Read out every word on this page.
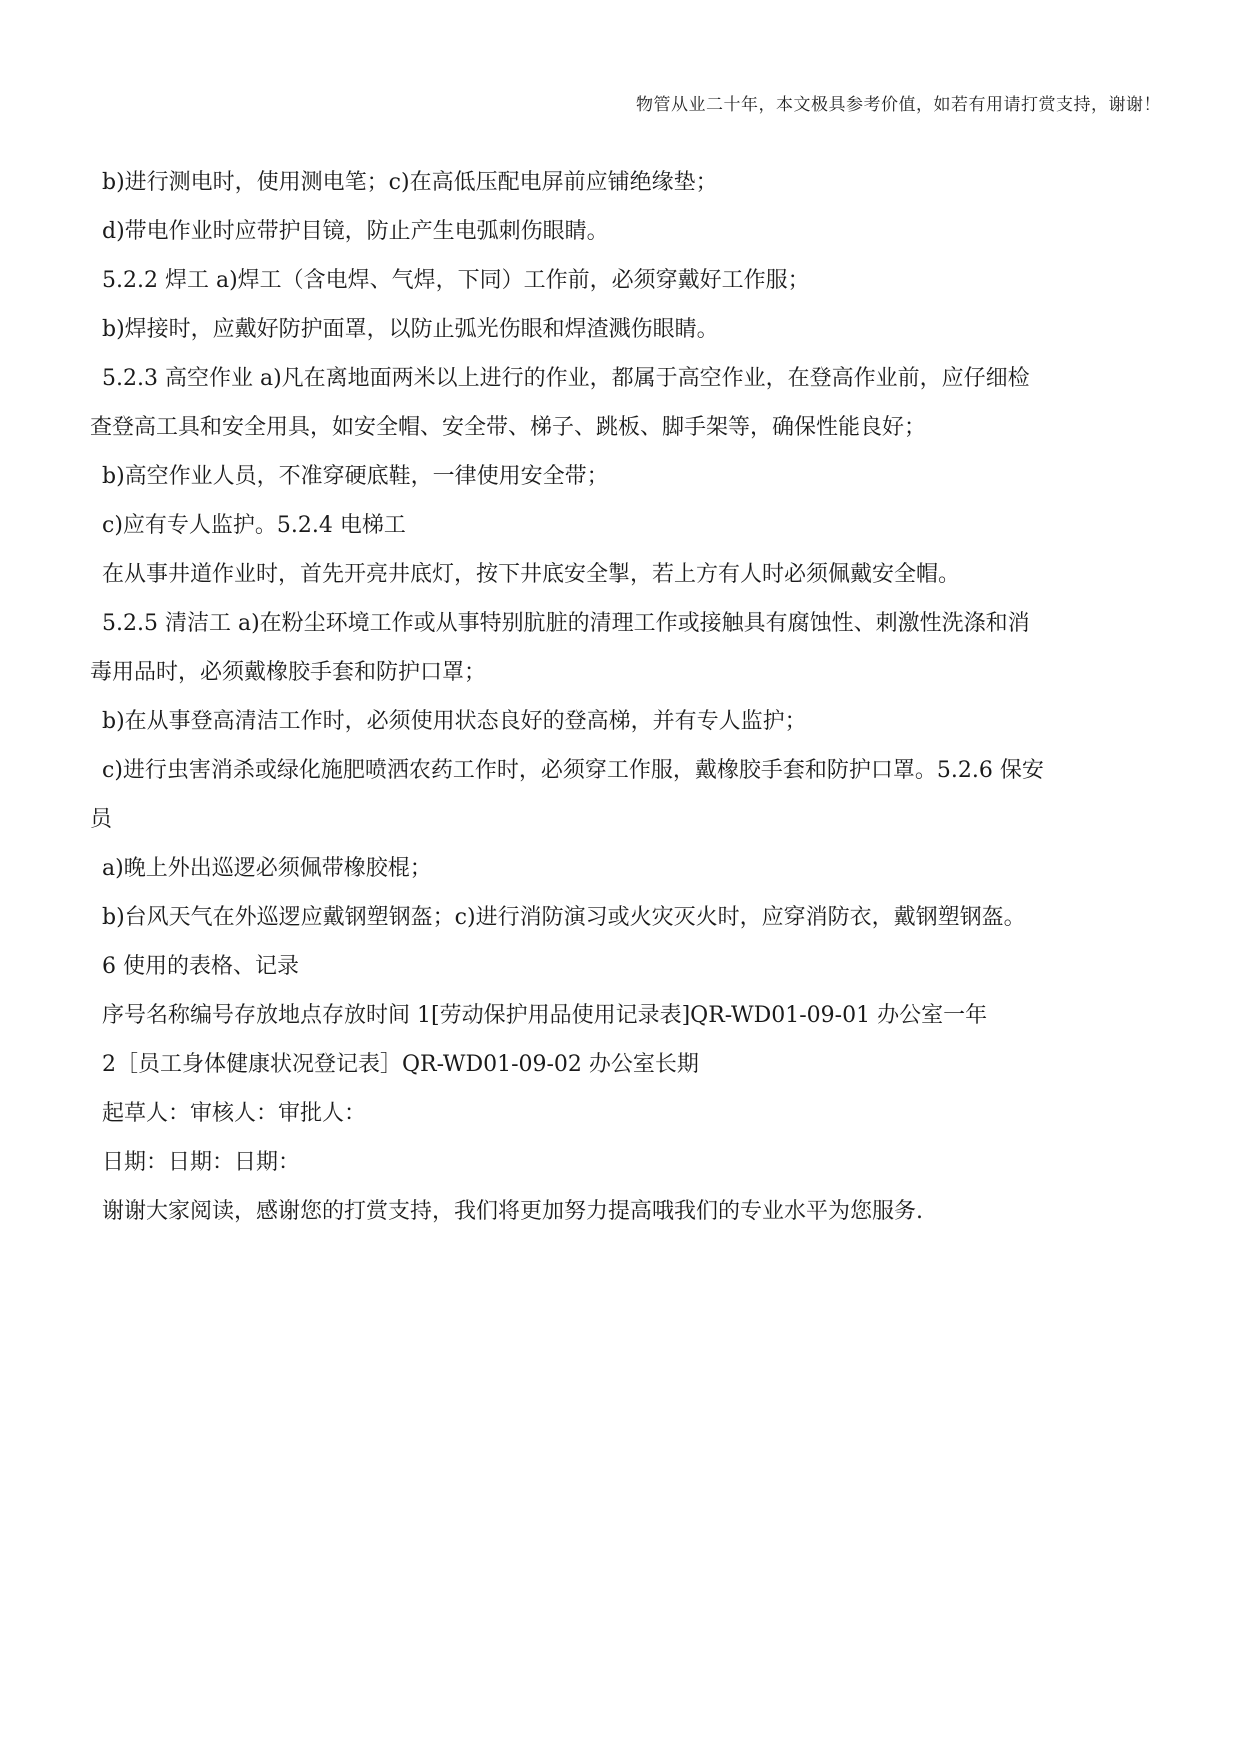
物管从业二十年，本文极具参考价值，如若有用请打赏支持，谢谢！
b)进行测电时，使用测电笔；c)在高低压配电屏前应铺绝缘垫；
d)带电作业时应带护目镜，防止产生电弧刺伤眼睛。
5.2.2 焊工 a)焊工（含电焊、气焊，下同）工作前，必须穿戴好工作服；
b)焊接时，应戴好防护面罩，以防止弧光伤眼和焊渣溅伤眼睛。
5.2.3 高空作业 a)凡在离地面两米以上进行的作业，都属于高空作业，在登高作业前，应仔细检
查登高工具和安全用具，如安全帽、安全带、梯子、跳板、脚手架等，确保性能良好；
b)高空作业人员，不准穿硬底鞋，一律使用安全带；
c)应有专人监护。5.2.4 电梯工
在从事井道作业时，首先开亮井底灯，按下井底安全掣，若上方有人时必须佩戴安全帽。
5.2.5 清洁工 a)在粉尘环境工作或从事特别肮脏的清理工作或接触具有腐蚀性、刺激性洗涤和消
毒用品时，必须戴橡胶手套和防护口罩；
b)在从事登高清洁工作时，必须使用状态良好的登高梯，并有专人监护；
c)进行虫害消杀或绿化施肥喷洒农药工作时，必须穿工作服，戴橡胶手套和防护口罩。5.2.6 保安
员
a)晚上外出巡逻必须佩带橡胶棍；
b)台风天气在外巡逻应戴钢塑钢盔；c)进行消防演习或火灾灭火时，应穿消防衣，戴钢塑钢盔。
6 使用的表格、记录
序号名称编号存放地点存放时间 1[劳动保护用品使用记录表]QR-WD01-09-01 办公室一年
2［员工身体健康状况登记表］QR-WD01-09-02 办公室长期
起草人：审核人：审批人：
日期：日期：日期：
谢谢大家阅读，感谢您的打赏支持，我们将更加努力提高哦我们的专业水平为您服务.
